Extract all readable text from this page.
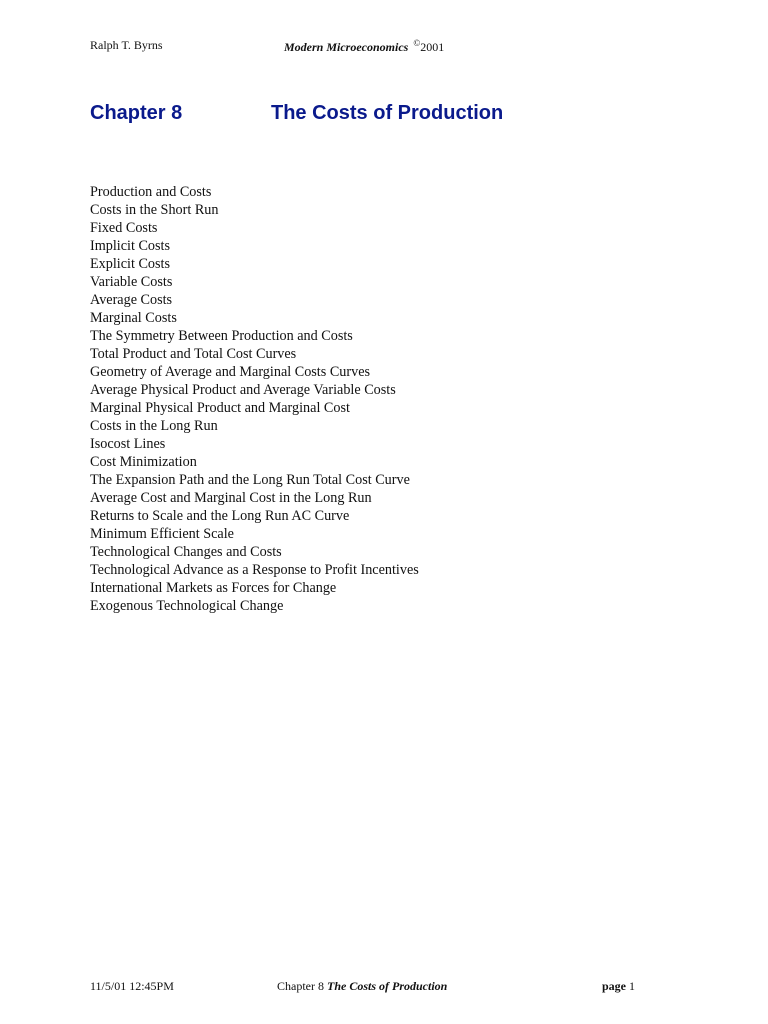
Ralph T. Byrns	Modern Microeconomics ©2001
Chapter 8	The Costs of Production
Production and Costs
Costs in the Short Run
Fixed Costs
Implicit Costs
Explicit Costs
Variable Costs
Average Costs
Marginal Costs
The Symmetry Between Production and Costs
Total Product and Total Cost Curves
Geometry of Average and Marginal Costs Curves
Average Physical Product and Average Variable Costs
Marginal Physical Product and Marginal Cost
Costs in the Long Run
Isocost Lines
Cost Minimization
The Expansion Path and the Long Run Total Cost Curve
Average Cost and Marginal Cost in the Long Run
Returns to Scale and the Long Run AC Curve
Minimum Efficient Scale
Technological Changes and Costs
Technological Advance as a Response to Profit Incentives
International Markets as Forces for Change
Exogenous Technological Change
11/5/01 12:45PM	Chapter 8 The Costs of Production	page 1
